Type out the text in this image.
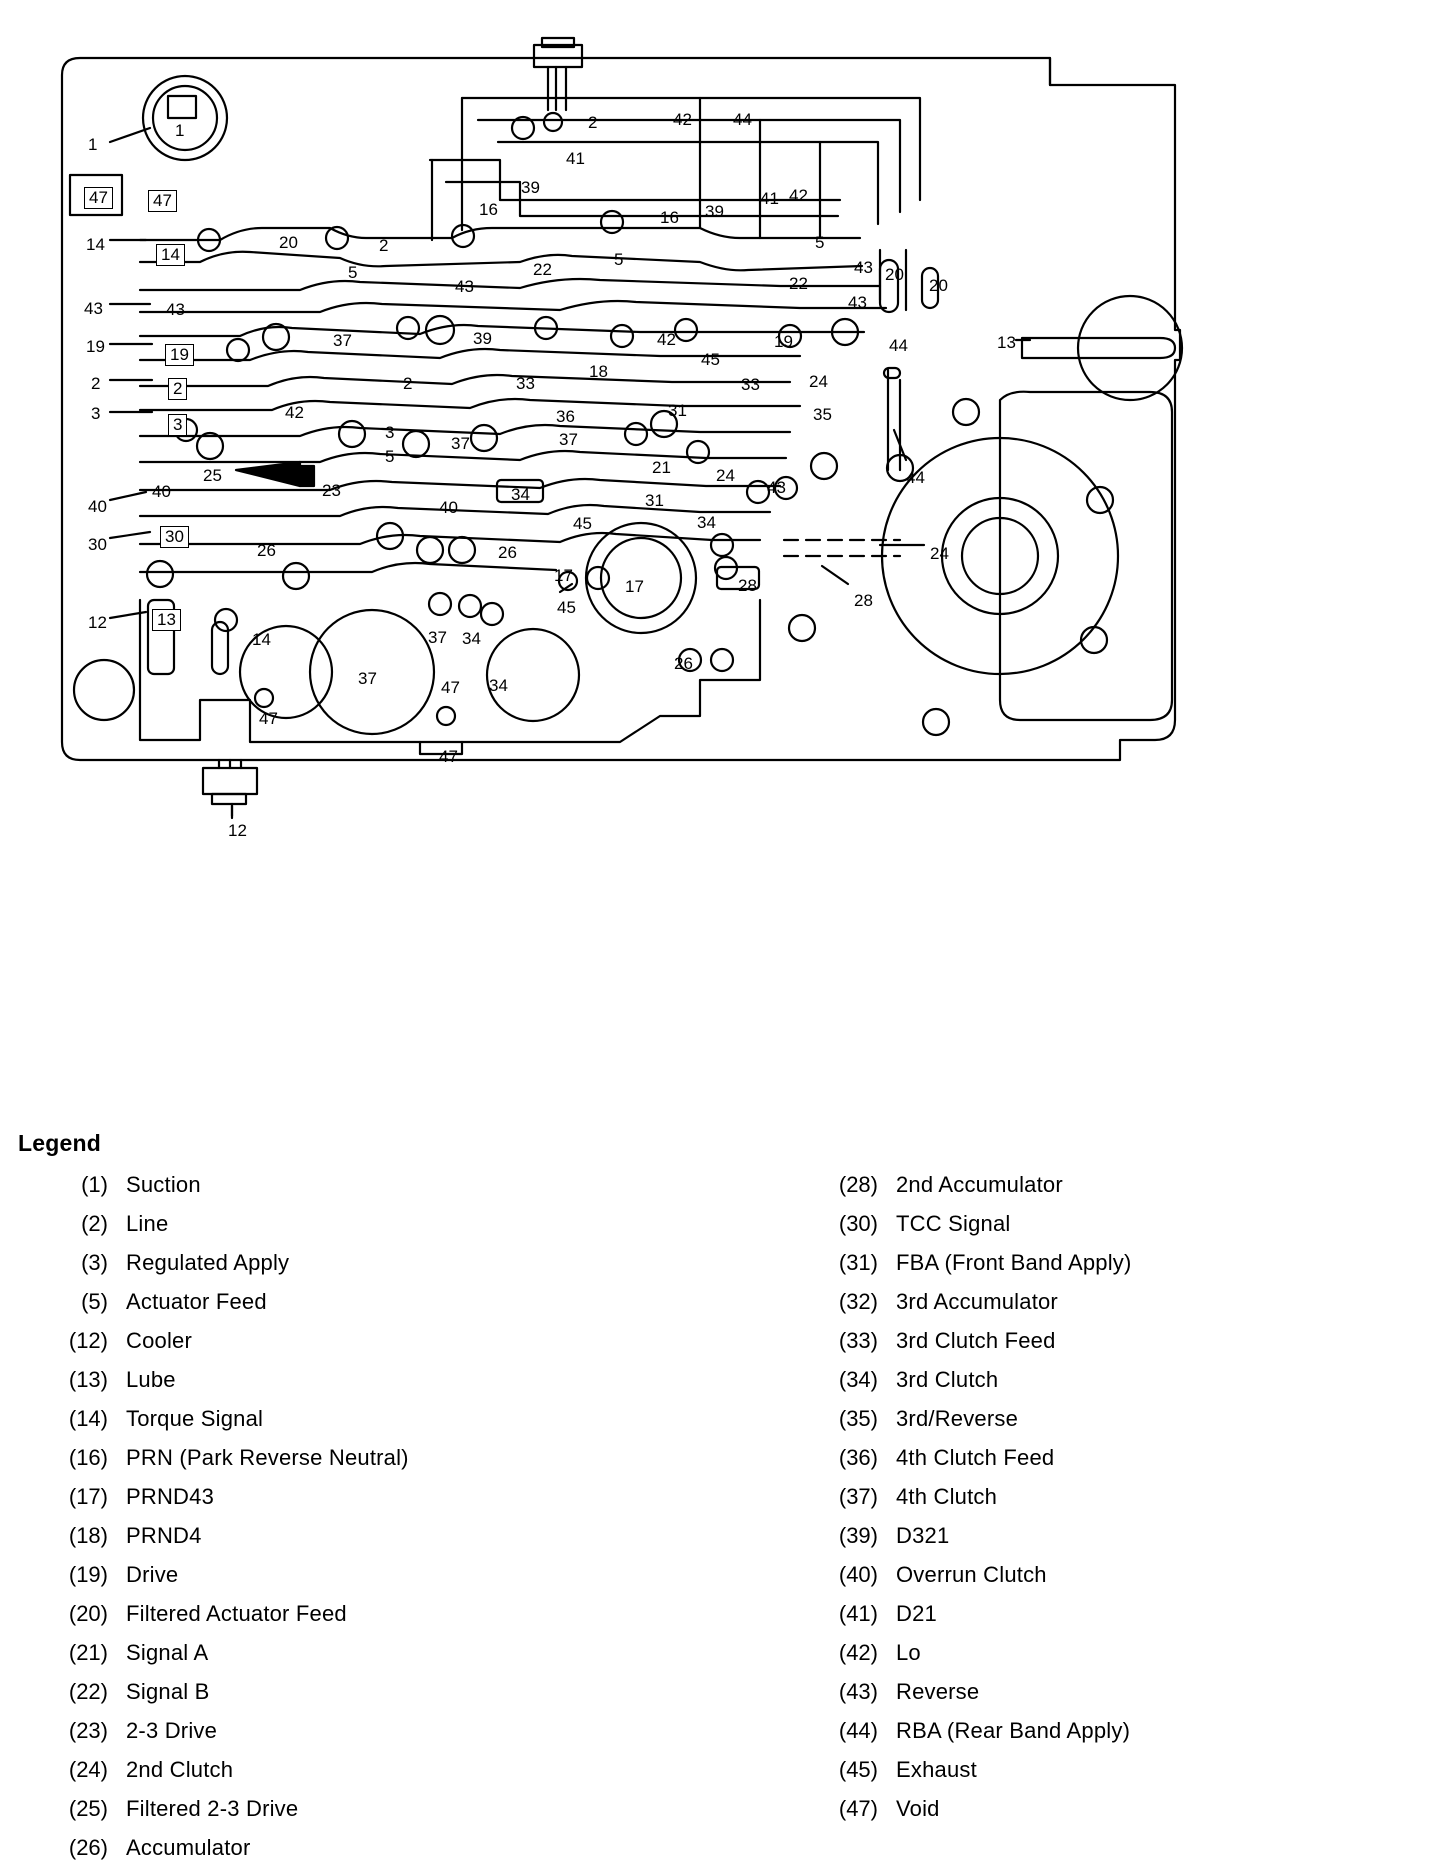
1
1
47	47
14
14
43	43
19	19
2	2
3
3
40
40
30	30
12	13
12
2	42 44
41
39
41 42
16	16 39
5
20	2
5	22
5
22
43 20
20
43
43
13
37	39	42	19	44
45
18
33	33	24
2
42	36	31	35
37
3
37
5
21	24
43
44
25
23	34	31
34
40
45
26	26	24
17
17	28
28
45
14	37 34
26
37	47 34
47
47
Legend
(1) Suction
(2) Line
(3) Regulated Apply
(5) Actuator Feed
(12) Cooler
(13) Lube
(14) Torque Signal
(16) PRN (Park Reverse Neutral)
(17) PRND43
(18) PRND4
(19) Drive
(20) Filtered Actuator Feed
(21) Signal A
(22) Signal B
(23) 2-3 Drive
(24) 2nd Clutch
(25) Filtered 2-3 Drive
(26) Accumulator
(28) 2nd Accumulator
(30) TCC Signal
(31) FBA (Front Band Apply)
(32) 3rd Accumulator
(33) 3rd Clutch Feed
(34) 3rd Clutch
(35) 3rd/Reverse
(36) 4th Clutch Feed
(37) 4th Clutch
(39) D321
(40) Overrun Clutch
(41) D21
(42) Lo
(43) Reverse
(44) RBA (Rear Band Apply)
(45) Exhaust
(47) Void
